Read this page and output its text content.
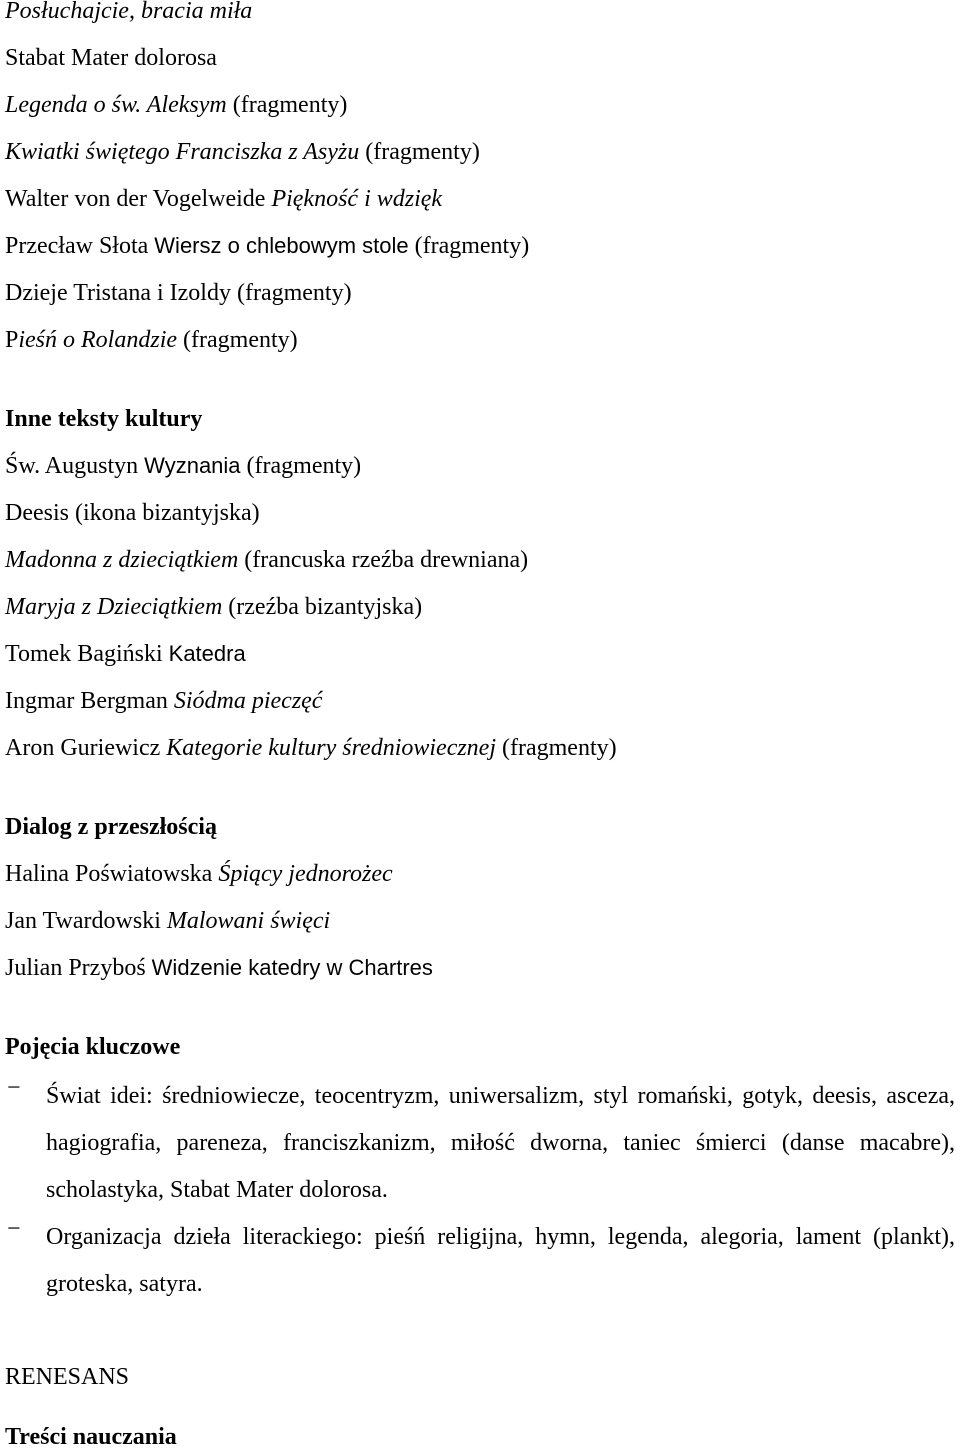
Posłuchajcie, bracia miła

Stabat Mater dolorosa

Legenda o św. Aleksym (fragmenty)

Kwiatki świętego Franciszka z Asyżu (fragmenty)

Walter von der Vogelweide Piękność i wdzięk

Przecław Słota Wiersz o chlebowym stole (fragmenty)

Dzieje Tristana i Izoldy (fragmenty)

Pieśń o Rolandzie (fragmenty)

Inne teksty kultury

Św. Augustyn Wyznania (fragmenty)

Deesis (ikona bizantyjska)

Madonna z dzieciątkiem (francuska rzeźba drewniana)

Maryja z Dzieciątkiem (rzeźba bizantyjska)

Tomek Bagiński Katedra

Ingmar Bergman Siódma pieczęć

Aron Guriewicz Kategorie kultury średniowiecznej (fragmenty)

Dialog z przeszłością

Halina Poświatowska Śpiący jednorożec

Jan Twardowski Malowani święci

Julian Przyboś Widzenie katedry w Chartres

Pojęcia kluczowe
− Świat idei: średniowiecze, teocentryzm, uniwersalizm, styl romański, gotyk, deesis, asceza, hagiografia, pareneza, franciszkanizm, miłość dworna, taniec śmierci (danse macabre), scholastyka, Stabat Mater dolorosa.

− Organizacja dzieła literackiego: pieśń religijna, hymn, legenda, alegoria, lament (plankt), groteska, satyra.

RENESANS

Treści nauczania
